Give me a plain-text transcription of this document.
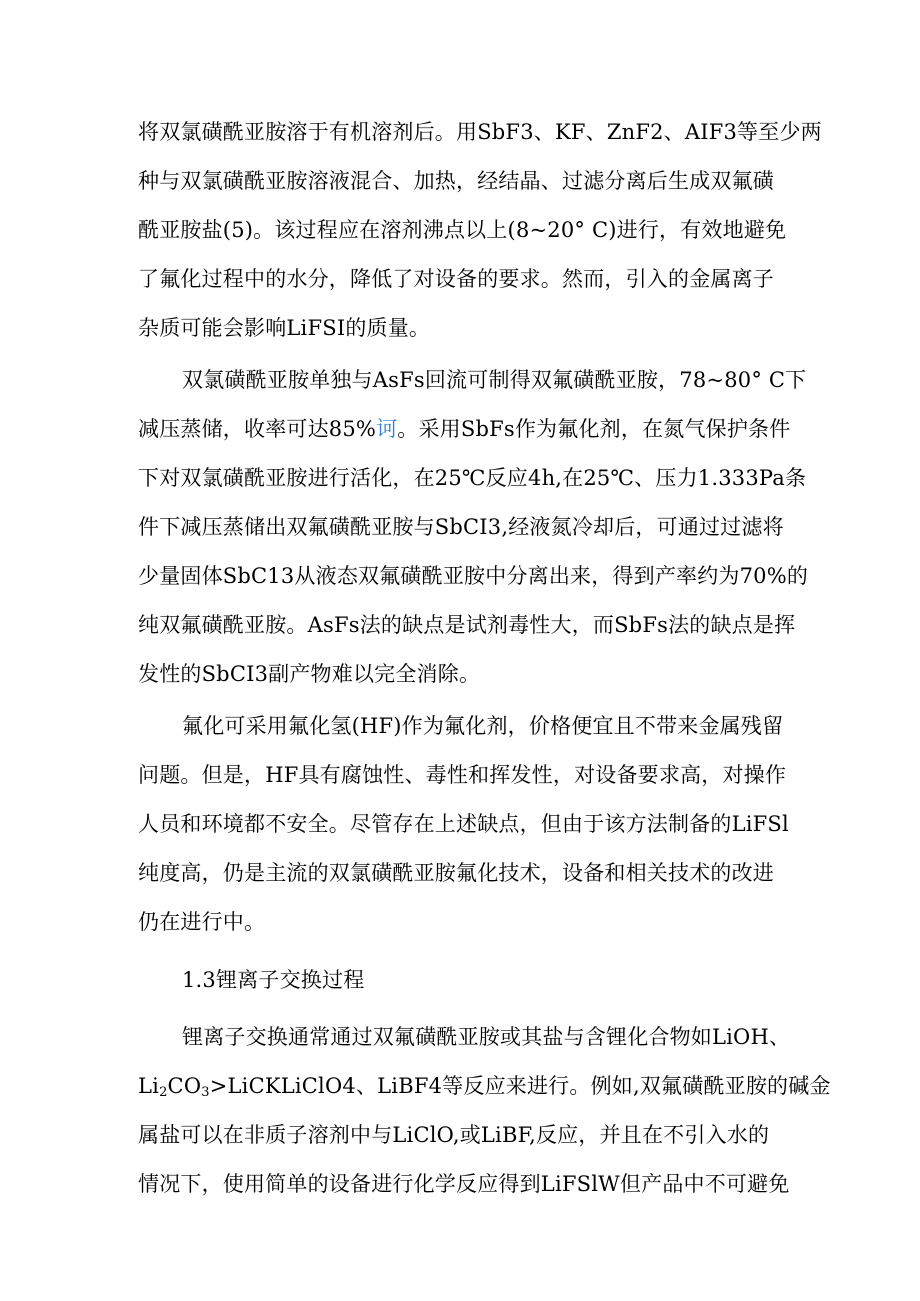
将双氯磺酰亚胺溶于有机溶剂后。用SbF3、KF、ZnF2、AIF3等至少两
种与双氯磺酰亚胺溶液混合、加热，经结晶、过滤分离后生成双氟磺
酰亚胺盐(5)。该过程应在溶剂沸点以上(8~20° C)进行，有效地避免
了氟化过程中的水分，降低了对设备的要求。然而，引入的金属离子
杂质可能会影响LiFSI的质量。
双氯磺酰亚胺单独与AsFs回流可制得双氟磺酰亚胺，78~80° C下
减压蒸储，收率可达85%诃。采用SbFs作为氟化剂，在氮气保护条件
下对双氯磺酰亚胺进行活化，在25℃反应4h,在25℃、压力1.333Pa条
件下减压蒸储出双氟磺酰亚胺与SbCI3,经液氮冷却后，可通过过滤将
少量固体SbC13从液态双氟磺酰亚胺中分离出来，得到产率约为70%的
纯双氟磺酰亚胺。AsFs法的缺点是试剂毒性大，而SbFs法的缺点是挥
发性的SbCI3副产物难以完全消除。
氟化可采用氟化氢(HF)作为氟化剂，价格便宜且不带来金属残留
问题。但是，HF具有腐蚀性、毒性和挥发性，对设备要求高，对操作
人员和环境都不安全。尽管存在上述缺点，但由于该方法制备的LiFSl
纯度高，仍是主流的双氯磺酰亚胺氟化技术，设备和相关技术的改进
仍在进行中。
1.3锂离子交换过程
锂离子交换通常通过双氟磺酰亚胺或其盐与含锂化合物如LiOH、
$Li_2CO_3>LiCKLiClO4$、LiBF4等反应来进行。例如,双氟磺酰亚胺的碱金
属盐可以在非质子溶剂中与LiClO,或LiBF,反应，并且在不引入水的
情况下，使用简单的设备进行化学反应得到LiFSlW但产品中不可避免
